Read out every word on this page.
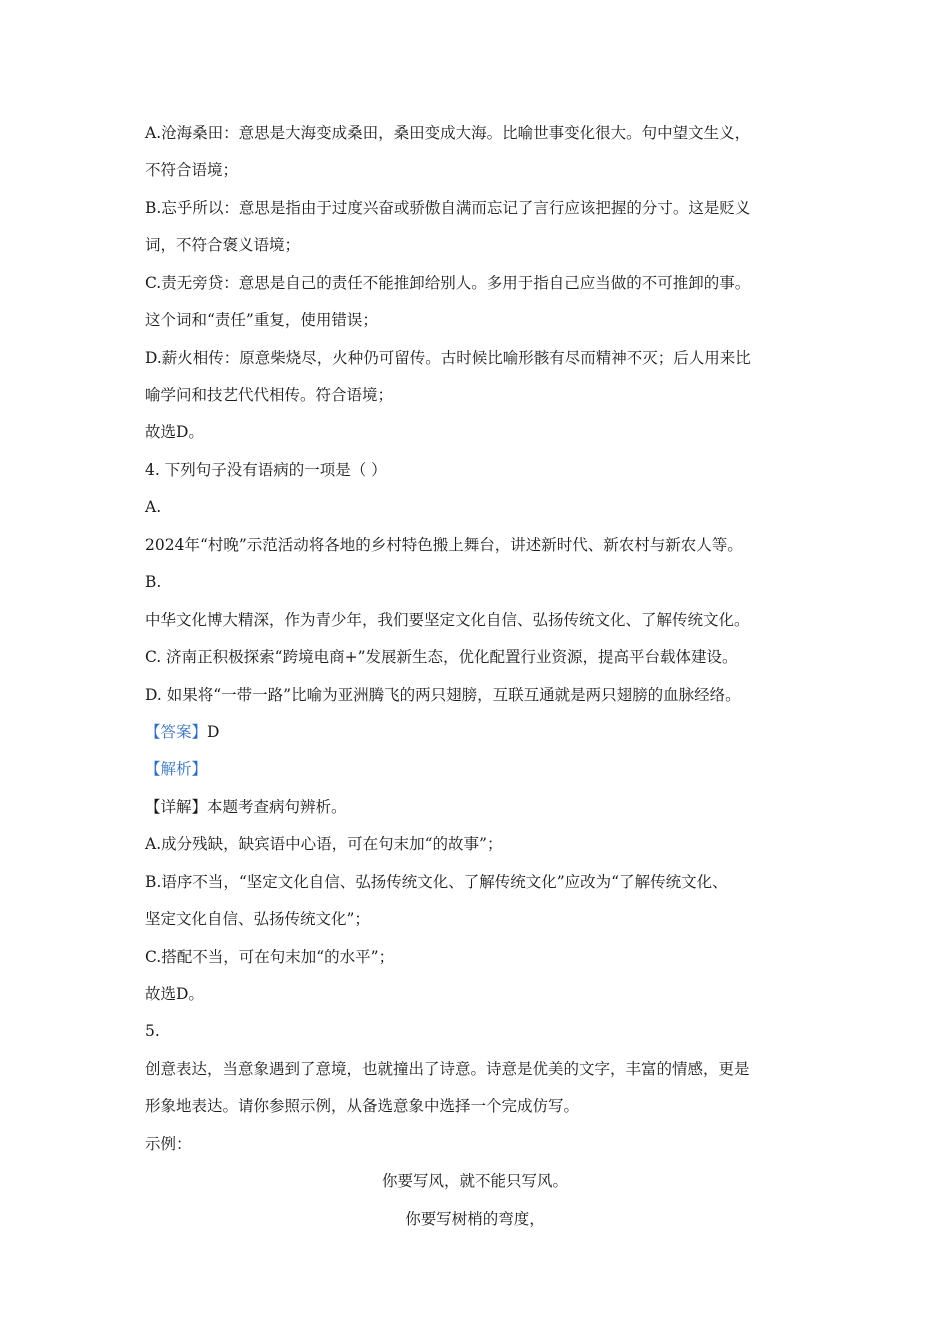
A.沧海桑田：意思是大海变成桑田，桑田变成大海。比喻世事变化很大。句中望文生义，
不符合语境；
B.忘乎所以：意思是指由于过度兴奋或骄傲自满而忘记了言行应该把握的分寸。这是贬义
词，不符合褒义语境；
C.责无旁贷：意思是自己的责任不能推卸给别人。多用于指自己应当做的不可推卸的事。
这个词和“责任”重复，使用错误；
D.薪火相传：原意柴烧尽，火种仍可留传。古时候比喻形骸有尽而精神不灭；后人用来比
喻学问和技艺代代相传。符合语境；
故选D。
4. 下列句子没有语病的一项是（ ）
A.
2024年“村晚”示范活动将各地的乡村特色搬上舞台，讲述新时代、新农村与新农人等。
B.
中华文化博大精深，作为青少年，我们要坚定文化自信、弘扬传统文化、了解传统文化。
C. 济南正积极探索“跨境电商+”发展新生态，优化配置行业资源，提高平台载体建设。
D. 如果将“一带一路”比喻为亚洲腾飞的两只翅膀，互联互通就是两只翅膀的血脉经络。
【答案】D
【解析】
【详解】本题考查病句辨析。
A.成分残缺，缺宾语中心语，可在句末加“的故事”；
B.语序不当，“坚定文化自信、弘扬传统文化、了解传统文化”应改为“了解传统文化、
坚定文化自信、弘扬传统文化”；
C.搭配不当，可在句末加“的水平”；
故选D。
5.
创意表达，当意象遇到了意境，也就撞出了诗意。诗意是优美的文字，丰富的情感，更是
形象地表达。请你参照示例，从备选意象中选择一个完成仿写。
示例：
你要写风，就不能只写风。
你要写树梢的弯度，
